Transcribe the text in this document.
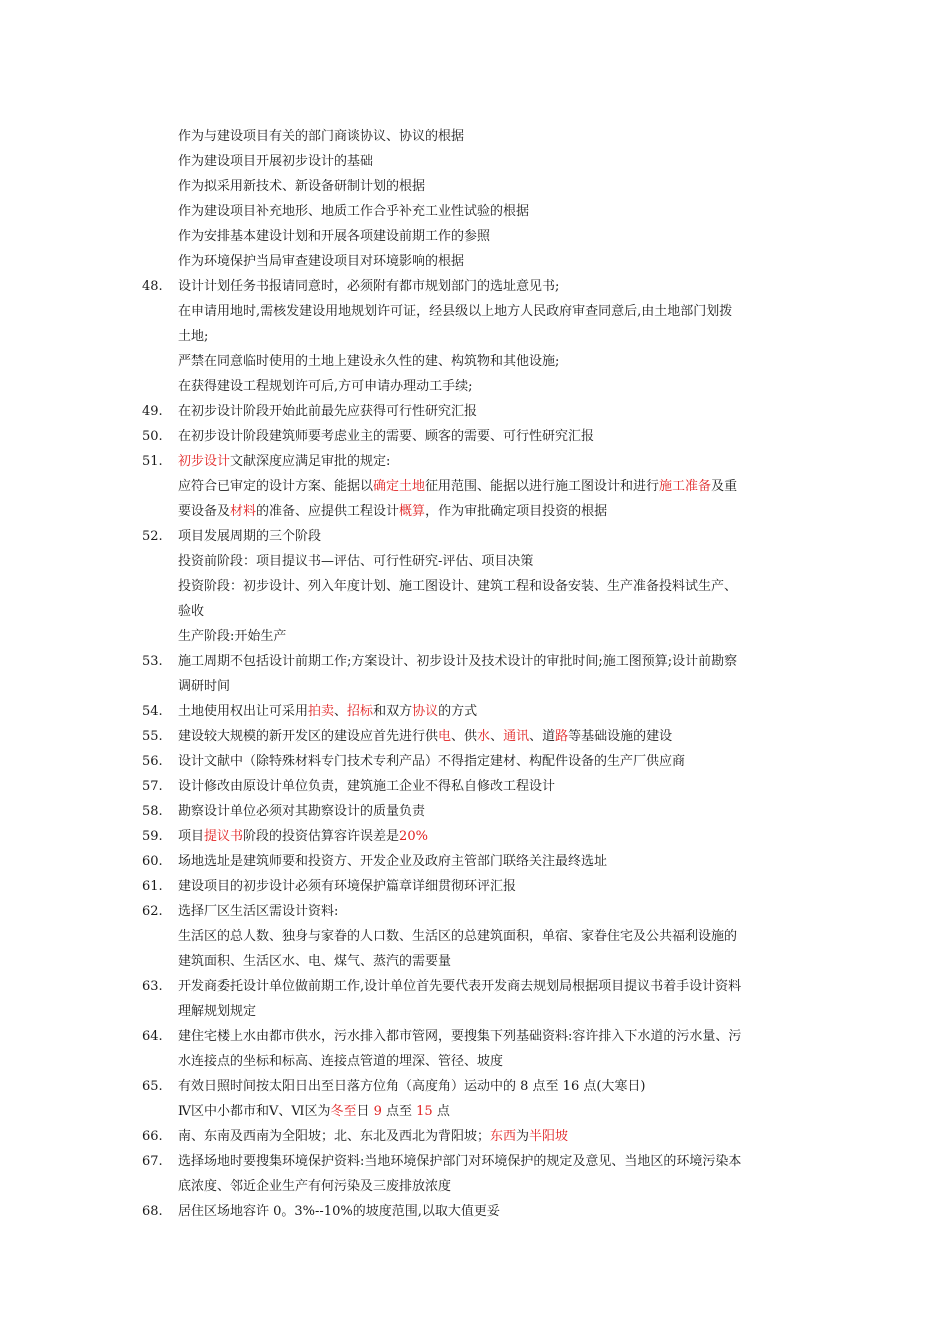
作为与建设项目有关的部门商谈协议、协议的根据
作为建设项目开展初步设计的基础
作为拟采用新技术、新设备研制计划的根据
作为建设项目补充地形、地质工作合乎补充工业性试验的根据
作为安排基本建设计划和开展各项建设前期工作的参照
作为环境保护当局审查建设项目对环境影响的根据
48.	设计计划任务书报请同意时，必须附有都市规划部门的选址意见书;
在申请用地时,需核发建设用地规划许可证，经县级以上地方人民政府审查同意后,由土地部门划拨
土地;
严禁在同意临时使用的土地上建设永久性的建、构筑物和其他设施;
在获得建设工程规划许可后,方可申请办理动工手续;
49.	在初步设计阶段开始此前最先应获得可行性研究汇报
50.	在初步设计阶段建筑师要考虑业主的需要、顾客的需要、可行性研究汇报
51.	初步设计文献深度应满足审批的规定:
应符合已审定的设计方案、能据以确定土地征用范围、能据以进行施工图设计和进行施工准备及重
要设备及材料的准备、应提供工程设计概算，作为审批确定项目投资的根据
52.	项目发展周期的三个阶段
投资前阶段：项目提议书—评估、可行性研究-评估、项目决策
投资阶段：初步设计、列入年度计划、施工图设计、建筑工程和设备安装、生产准备投料试生产、
验收
生产阶段:开始生产
53.	施工周期不包括设计前期工作;方案设计、初步设计及技术设计的审批时间;施工图预算;设计前勘察
调研时间
54.	土地使用权出让可采用拍卖、招标和双方协议的方式
55.	建设较大规模的新开发区的建设应首先进行供电、供水、通讯、道路等基础设施的建设
56.	设计文献中（除特殊材料专门技术专利产品）不得指定建材、构配件设备的生产厂供应商
57.	设计修改由原设计单位负责，建筑施工企业不得私自修改工程设计
58.	勘察设计单位必须对其勘察设计的质量负责
59.	项目提议书阶段的投资估算容许误差是20%
60.	场地选址是建筑师要和投资方、开发企业及政府主管部门联络关注最终选址
61.	建设项目的初步设计必须有环境保护篇章详细贯彻环评汇报
62.	选择厂区生活区需设计资料:
生活区的总人数、独身与家眷的人口数、生活区的总建筑面积，单宿、家眷住宅及公共福利设施的
建筑面积、生活区水、电、煤气、蒸汽的需要量
63.	开发商委托设计单位做前期工作,设计单位首先要代表开发商去规划局根据项目提议书着手设计资料
理解规划规定
64.	建住宅楼上水由都市供水，污水排入都市管网，要搜集下列基础资料:容许排入下水道的污水量、污
水连接点的坐标和标高、连接点管道的埋深、管径、坡度
65.	有效日照时间按太阳日出至日落方位角（高度角）运动中的 8 点至 16 点(大寒日)
Ⅳ区中小都市和Ⅴ、Ⅵ区为冬至日 9 点至 15 点
66.	南、东南及西南为全阳坡；北、东北及西北为背阳坡；东西为半阳坡
67.	选择场地时要搜集环境保护资料:当地环境保护部门对环境保护的规定及意见、当地区的环境污染本
底浓度、邻近企业生产有何污染及三废排放浓度
68.	居住区场地容许 0。3%--10%的坡度范围,以取大值更妥
